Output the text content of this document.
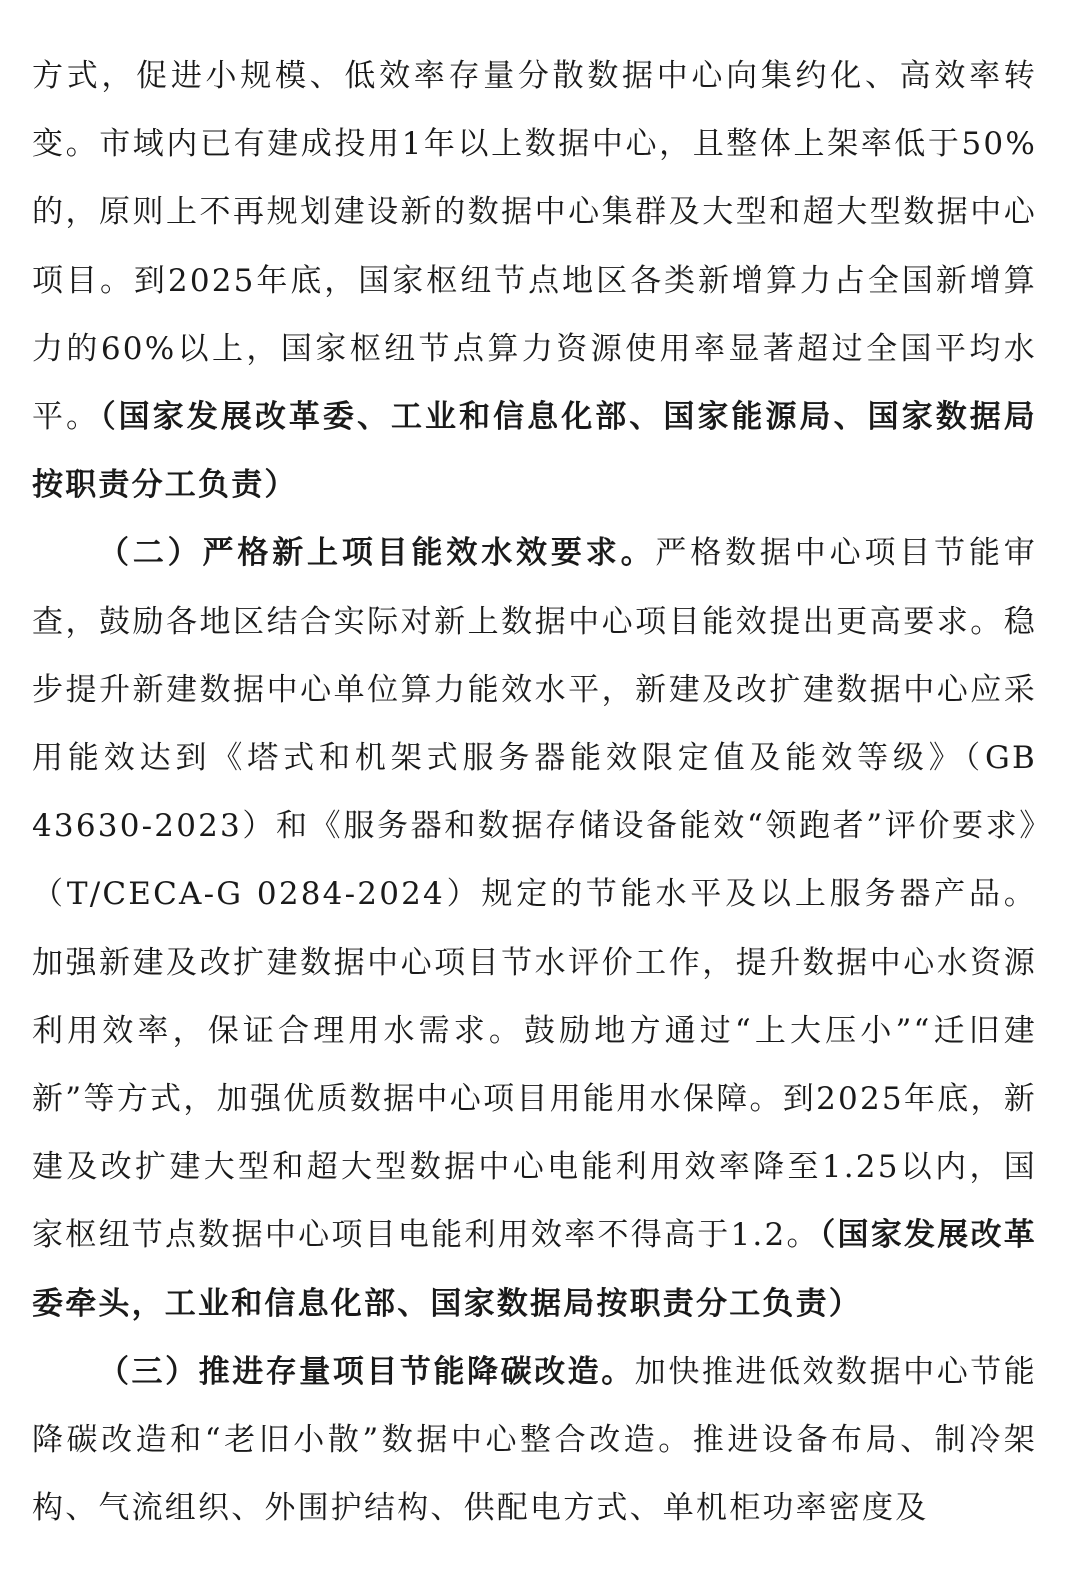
方式，促进小规模、低效率存量分散数据中心向集约化、高效率转变。市域内已有建成投用1年以上数据中心，且整体上架率低于50%的，原则上不再规划建设新的数据中心集群及大型和超大型数据中心项目。到2025年底，国家枢纽节点地区各类新增算力占全国新增算力的60%以上，国家枢纽节点算力资源使用率显著超过全国平均水平。（国家发展改革委、工业和信息化部、国家能源局、国家数据局按职责分工负责）

（二）严格新上项目能效水效要求。严格数据中心项目节能审查，鼓励各地区结合实际对新上数据中心项目能效提出更高要求。稳步提升新建数据中心单位算力能效水平，新建及改扩建数据中心应采用能效达到《塔式和机架式服务器能效限定值及能效等级》（GB 43630-2023）和《服务器和数据存储设备能效“领跑者”评价要求》（T/CECA-G 0284-2024）规定的节能水平及以上服务器产品。加强新建及改扩建数据中心项目节水评价工作，提升数据中心水资源利用效率，保证合理用水需求。鼓励地方通过“上大压小”“迁旧建新”等方式，加强优质数据中心项目用能用水保障。到2025年底，新建及改扩建大型和超大型数据中心电能利用效率降至1.25以内，国家枢纽节点数据中心项目电能利用效率不得高于1.2。（国家发展改革委牵头，工业和信息化部、国家数据局按职责分工负责）

（三）推进存量项目节能降碳改造。加快推进低效数据中心节能降碳改造和“老旧小散”数据中心整合改造。推进设备布局、制冷架构、气流组织、外围护结构、供配电方式、单机柜功率密度及
